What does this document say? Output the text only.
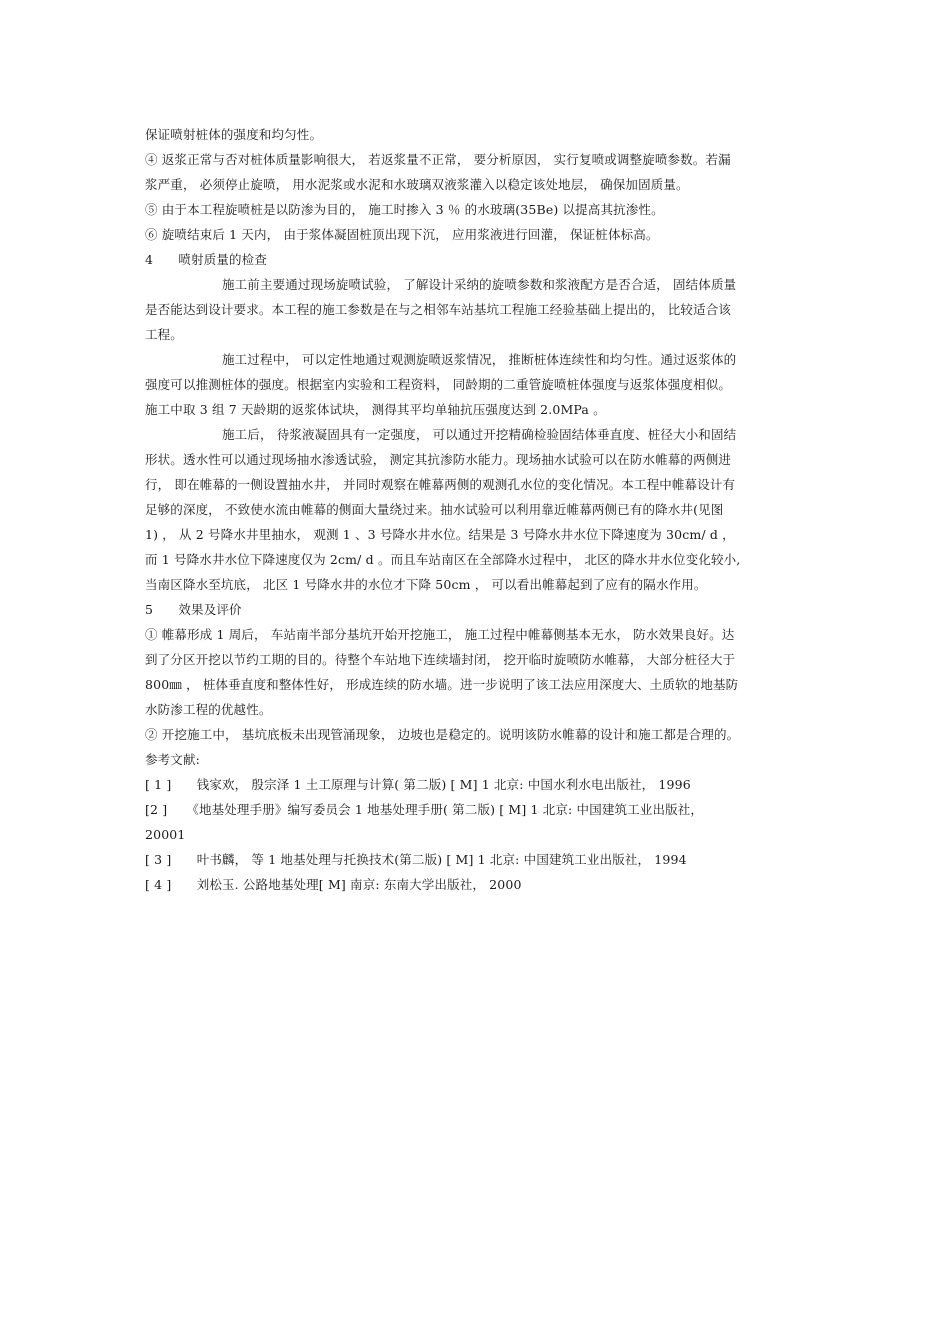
保证喷射桩体的强度和均匀性。
④ 返浆正常与否对桩体质量影响很大， 若返浆量不正常， 要分析原因， 实行复喷或调整旋喷参数。若漏
浆严重， 必须停止旋喷， 用水泥浆或水泥和水玻璃双液浆灌入以稳定该处地层， 确保加固质量。
⑤ 由于本工程旋喷桩是以防渗为目的， 施工时掺入 3 ％ 的水玻璃(35Be) 以提高其抗渗性。
⑥ 旋喷结束后 1 天内， 由于浆体凝固桩顶出现下沉， 应用浆液进行回灌， 保证桩体标高。
4　　喷射质量的检查
施工前主要通过现场旋喷试验， 了解设计采纳的旋喷参数和浆液配方是否合适， 固结体质量
是否能达到设计要求。本工程的施工参数是在与之相邻车站基坑工程施工经验基础上提出的， 比较适合该
工程。
施工过程中， 可以定性地通过观测旋喷返浆情况， 推断桩体连续性和均匀性。通过返浆体的
强度可以推测桩体的强度。根据室内实验和工程资料， 同龄期的二重管旋喷桩体强度与返浆体强度相似。
施工中取 3 组 7 天龄期的返浆体试块， 测得其平均单轴抗压强度达到 2.0MPa 。
施工后， 待浆液凝固具有一定强度， 可以通过开挖精确检验固结体垂直度、桩径大小和固结
形状。透水性可以通过现场抽水渗透试验， 测定其抗渗防水能力。现场抽水试验可以在防水帷幕的两侧进
行， 即在帷幕的一侧设置抽水井， 并同时观察在帷幕两侧的观测孔水位的变化情况。本工程中帷幕设计有
足够的深度， 不致使水流由帷幕的侧面大量绕过来。抽水试验可以利用靠近帷幕两侧已有的降水井(见图
1) ， 从 2 号降水井里抽水， 观测 1 、3 号降水井水位。结果是 3 号降水井水位下降速度为 30cm/ d ，
而 1 号降水井水位下降速度仅为 2cm/ d 。而且车站南区在全部降水过程中， 北区的降水井水位变化较小,
当南区降水至坑底， 北区 1 号降水井的水位才下降 50cm ， 可以看出帷幕起到了应有的隔水作用。
5　　效果及评价
① 帷幕形成 1 周后， 车站南半部分基坑开始开挖施工， 施工过程中帷幕侧基本无水， 防水效果良好。达
到了分区开挖以节约工期的目的。待整个车站地下连续墙封闭， 挖开临时旋喷防水帷幕， 大部分桩径大于
800㎜ ， 桩体垂直度和整体性好， 形成连续的防水墙。进一步说明了该工法应用深度大、土质软的地基防
水防渗工程的优越性。
② 开挖施工中， 基坑底板未出现管涌现象， 边坡也是稳定的。说明该防水帷幕的设计和施工都是合理的。
参考文献:
[ 1 ]　　钱家欢， 殷宗泽 1 土工原理与计算( 第二版) [ M] 1 北京: 中国水利水电出版社， 1996
[2 ]　　《地基处理手册》编写委员会 1 地基处理手册( 第二版) [ M] 1 北京: 中国建筑工业出版社，
20001
[ 3 ]　　叶书麟， 等 1 地基处理与托换技术(第二版) [ M] 1 北京: 中国建筑工业出版社， 1994
[ 4 ]　　刘松玉. 公路地基处理[ M] 南京: 东南大学出版社， 2000
